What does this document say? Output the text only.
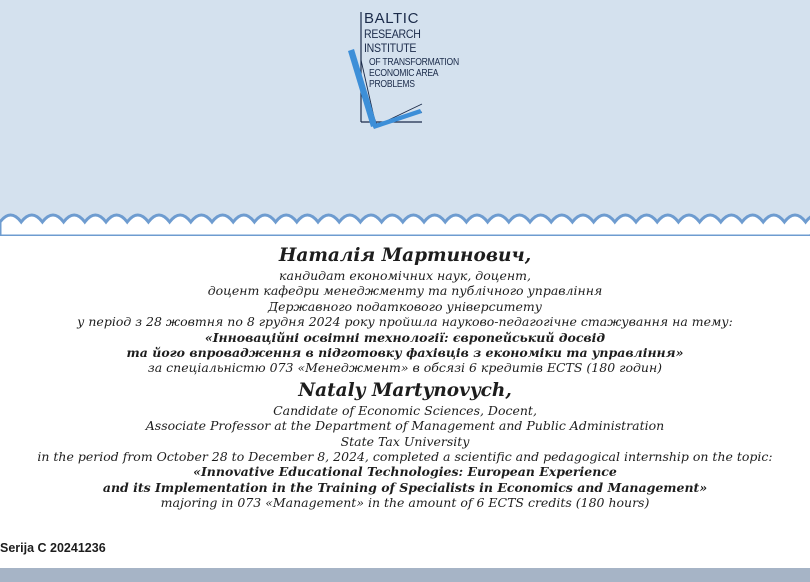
BALTIC

RESEARCH

INSTITUTE

OF TRANSFORMATION

ECONOMIC AREA

PROBLEMS

Наталія Мартинович,

кандидат економічних наук, доцент,

доцент кафедри менеджменту та публічного управління

Державного податкового університету

у період з 28 жовтня по 8 грудня 2024 року пройшла науково-педагогічне стажування на тему:

«Інноваційні освітні технології: європейський досвід

та його впровадження в підготовку фахівців з економіки та управління»

за спеціальністю 073 «Менеджмент» в обсязі 6 кредитів ECTS (180 годин)

Nataly Martynovych,

Candidate of Economic Sciences, Docent,

Associate Professor at the Department of Management and Public Administration

State Tax University

in the period from October 28 to December 8, 2024, completed a scientific and pedagogical internship on the topic:

«Innovative Educational Technologies: European Experience

and its Implementation in the Training of Specialists in Economics and Management»

majoring in 073 «Management» in the amount of 6 ECTS credits (180 hours)

Serija C 20241236
